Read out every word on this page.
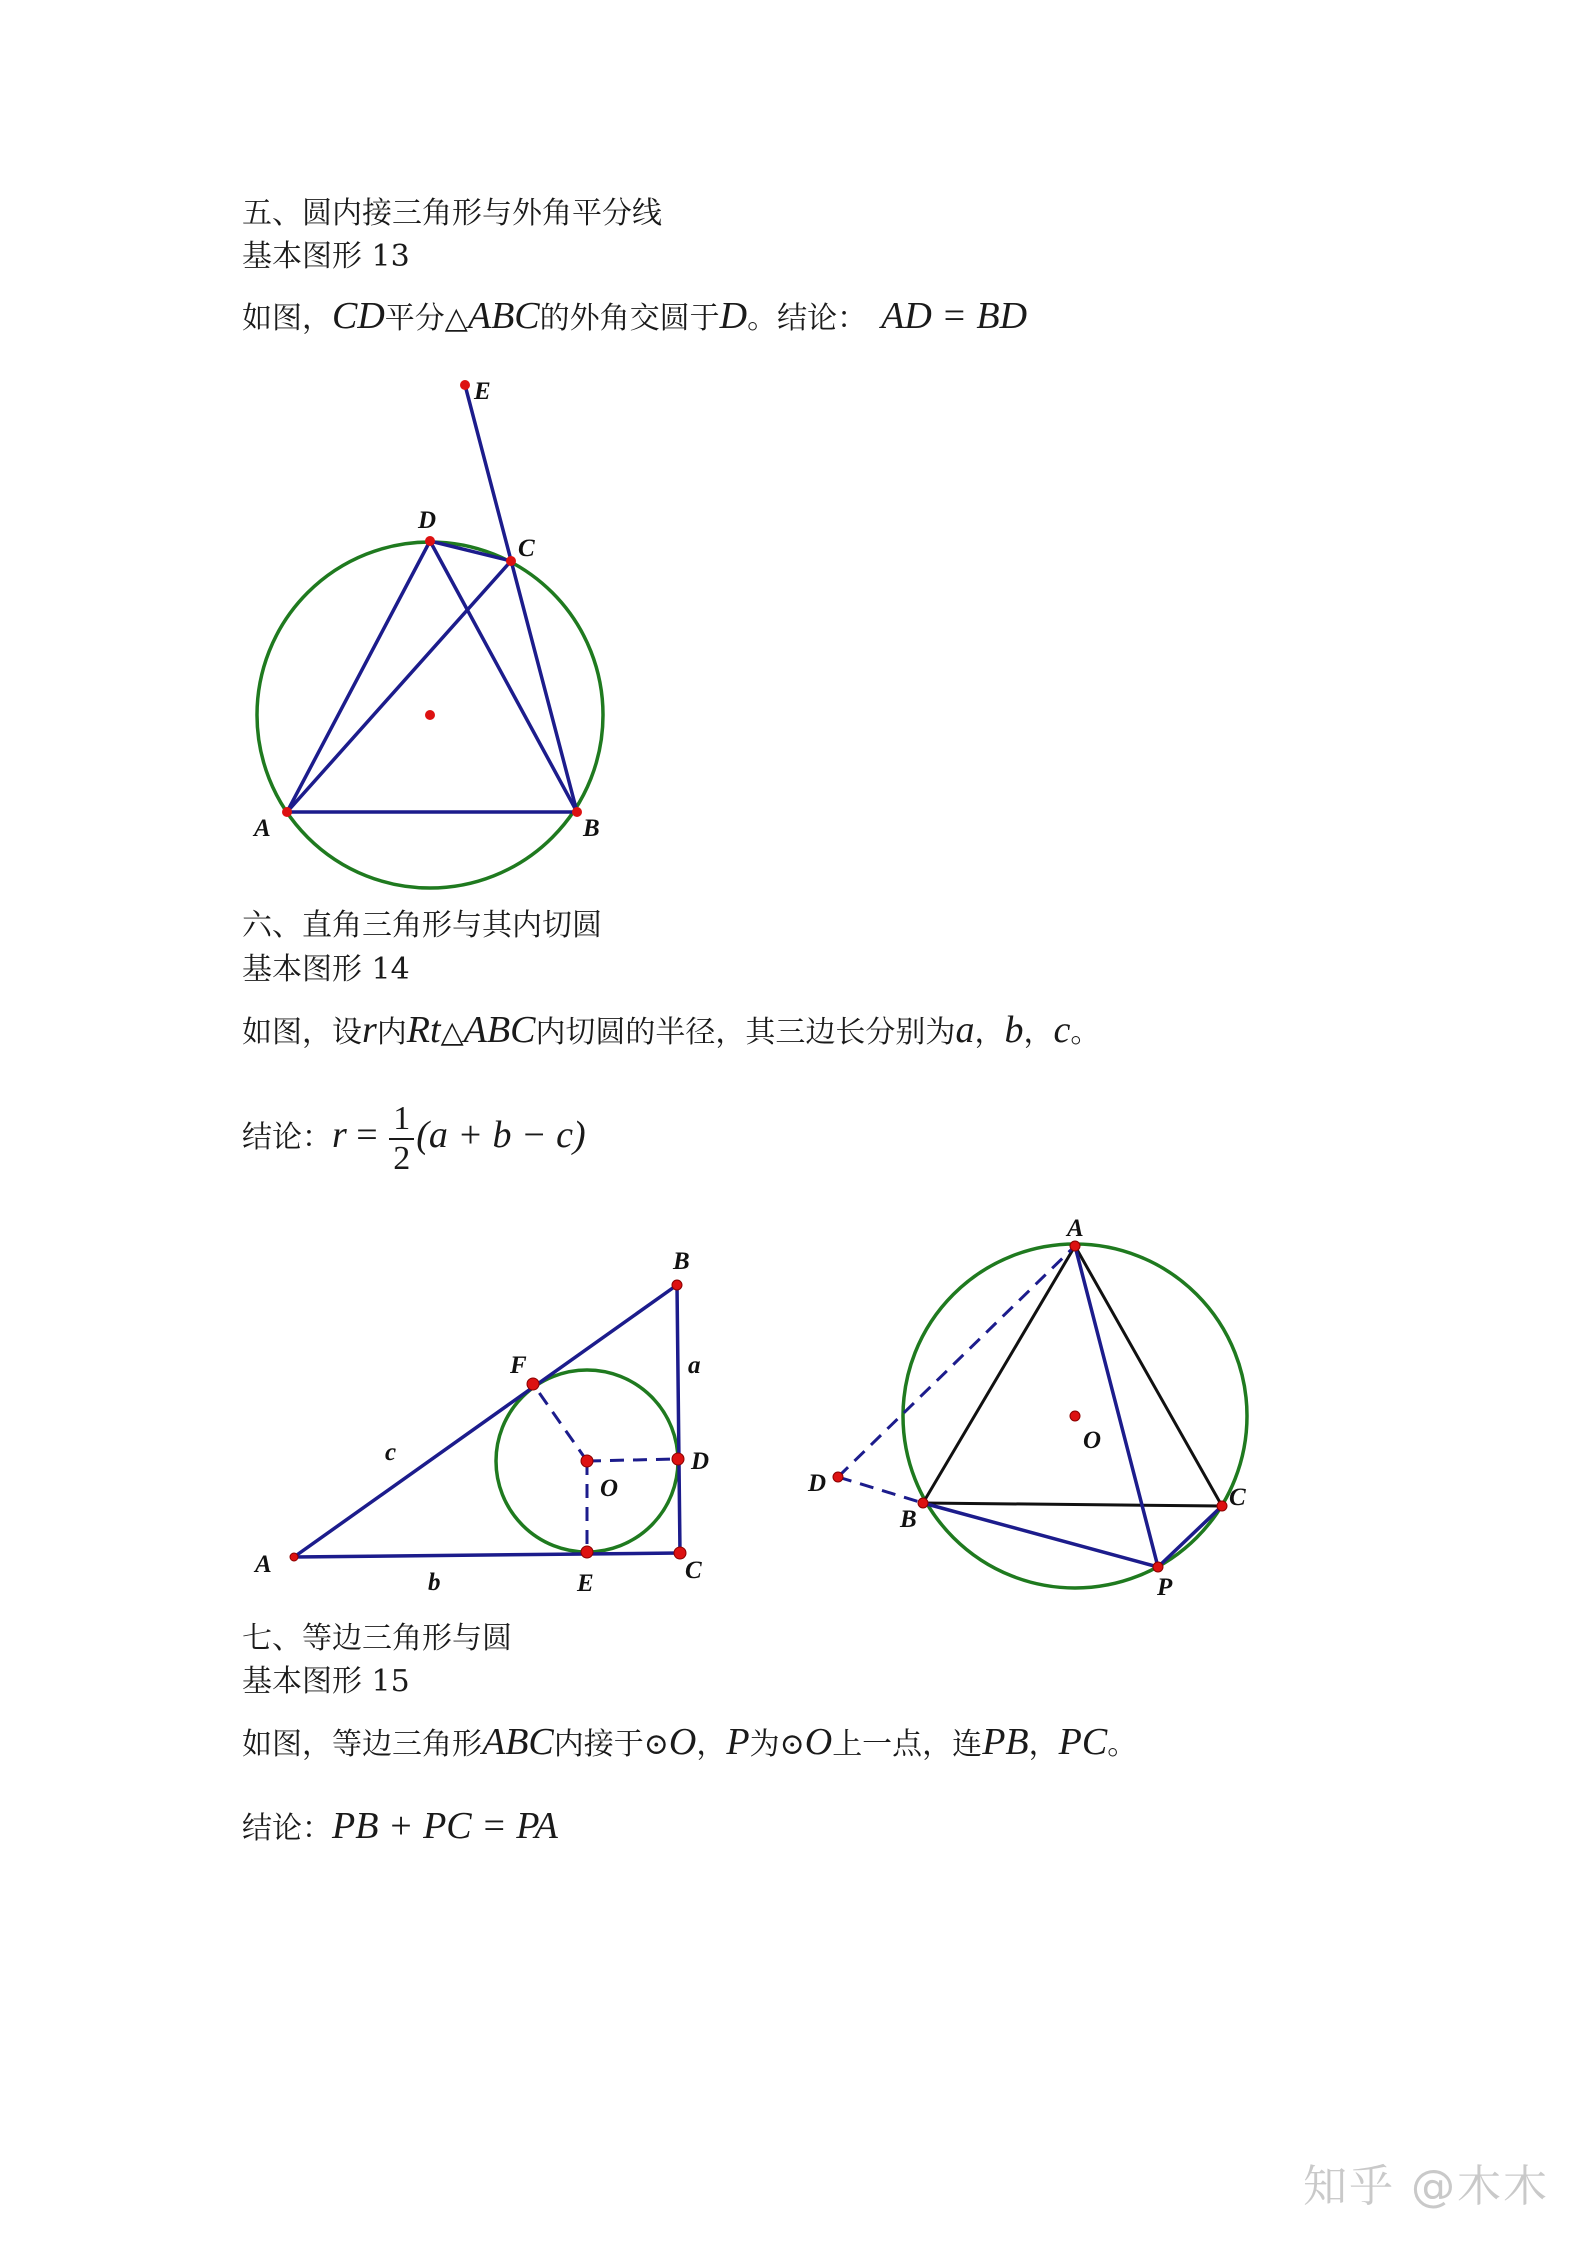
五、圆内接三角形与外角平分线
基本图形 13
如图，CD平分△ABC的外角交圆于D。结论： AD = BD
E
D
C
A	B
六、直角三角形与其内切圆
基本图形 14
如图，设r内Rt△ABC内切圆的半径，其三边长分别为a，b，c。
结论：$r = \frac{1}{2} (a + b - c)$
B
F	a
c	D
O
A
b	E	C
A
O
D
B
C
P
七、等边三角形与圆
基本图形 15
如图，等边三角形ABC内接于⊙O，P为⊙O上一点，连PB，PC。
结论：PB + PC = PA
知乎 @木木
